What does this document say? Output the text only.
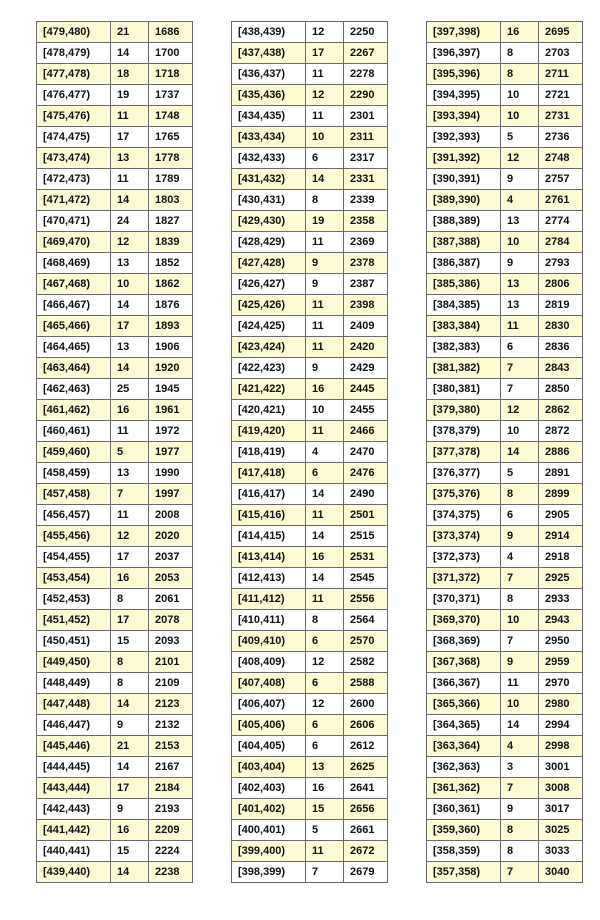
[479,480)	21	1686
[478,479)	14	1700
[477,478)	18	1718
[476,477)	19	1737
[475,476)	11	1748
[474,475)	17	1765
[473,474)	13	1778
[472,473)	11	1789
[471,472)	14	1803
[470,471)	24	1827
[469,470)	12	1839
[468,469)	13	1852
[467,468)	10	1862
[466,467)	14	1876
[465,466)	17	1893
[464,465)	13	1906
[463,464)	14	1920
[462,463)	25	1945
[461,462)	16	1961
[460,461)	11	1972
[459,460)	5	1977
[458,459)	13	1990
[457,458)	7	1997
[456,457)	11	2008
[455,456)	12	2020
[454,455)	17	2037
[453,454)	16	2053
[452,453)	8	2061
[451,452)	17	2078
[450,451)	15	2093
[449,450)	8	2101
[448,449)	8	2109
[447,448)	14	2123
[446,447)	9	2132
[445,446)	21	2153
[444,445)	14	2167
[443,444)	17	2184
[442,443)	9	2193
[441,442)	16	2209
[440,441)	15	2224
[439,440)	14	2238
[438,439)	12	2250
[437,438)	17	2267
[436,437)	11	2278
[435,436)	12	2290
[434,435)	11	2301
[433,434)	10	2311
[432,433)	6	2317
[431,432)	14	2331
[430,431)	8	2339
[429,430)	19	2358
[428,429)	11	2369
[427,428)	9	2378
[426,427)	9	2387
[425,426)	11	2398
[424,425)	11	2409
[423,424)	11	2420
[422,423)	9	2429
[421,422)	16	2445
[420,421)	10	2455
[419,420)	11	2466
[418,419)	4	2470
[417,418)	6	2476
[416,417)	14	2490
[415,416)	11	2501
[414,415)	14	2515
[413,414)	16	2531
[412,413)	14	2545
[411,412)	11	2556
[410,411)	8	2564
[409,410)	6	2570
[408,409)	12	2582
[407,408)	6	2588
[406,407)	12	2600
[405,406)	6	2606
[404,405)	6	2612
[403,404)	13	2625
[402,403)	16	2641
[401,402)	15	2656
[400,401)	5	2661
[399,400)	11	2672
[398,399)	7	2679
[397,398)	16	2695
[396,397)	8	2703
[395,396)	8	2711
[394,395)	10	2721
[393,394)	10	2731
[392,393)	5	2736
[391,392)	12	2748
[390,391)	9	2757
[389,390)	4	2761
[388,389)	13	2774
[387,388)	10	2784
[386,387)	9	2793
[385,386)	13	2806
[384,385)	13	2819
[383,384)	11	2830
[382,383)	6	2836
[381,382)	7	2843
[380,381)	7	2850
[379,380)	12	2862
[378,379)	10	2872
[377,378)	14	2886
[376,377)	5	2891
[375,376)	8	2899
[374,375)	6	2905
[373,374)	9	2914
[372,373)	4	2918
[371,372)	7	2925
[370,371)	8	2933
[369,370)	10	2943
[368,369)	7	2950
[367,368)	9	2959
[366,367)	11	2970
[365,366)	10	2980
[364,365)	14	2994
[363,364)	4	2998
[362,363)	3	3001
[361,362)	7	3008
[360,361)	9	3017
[359,360)	8	3025
[358,359)	8	3033
[357,358)	7	3040
